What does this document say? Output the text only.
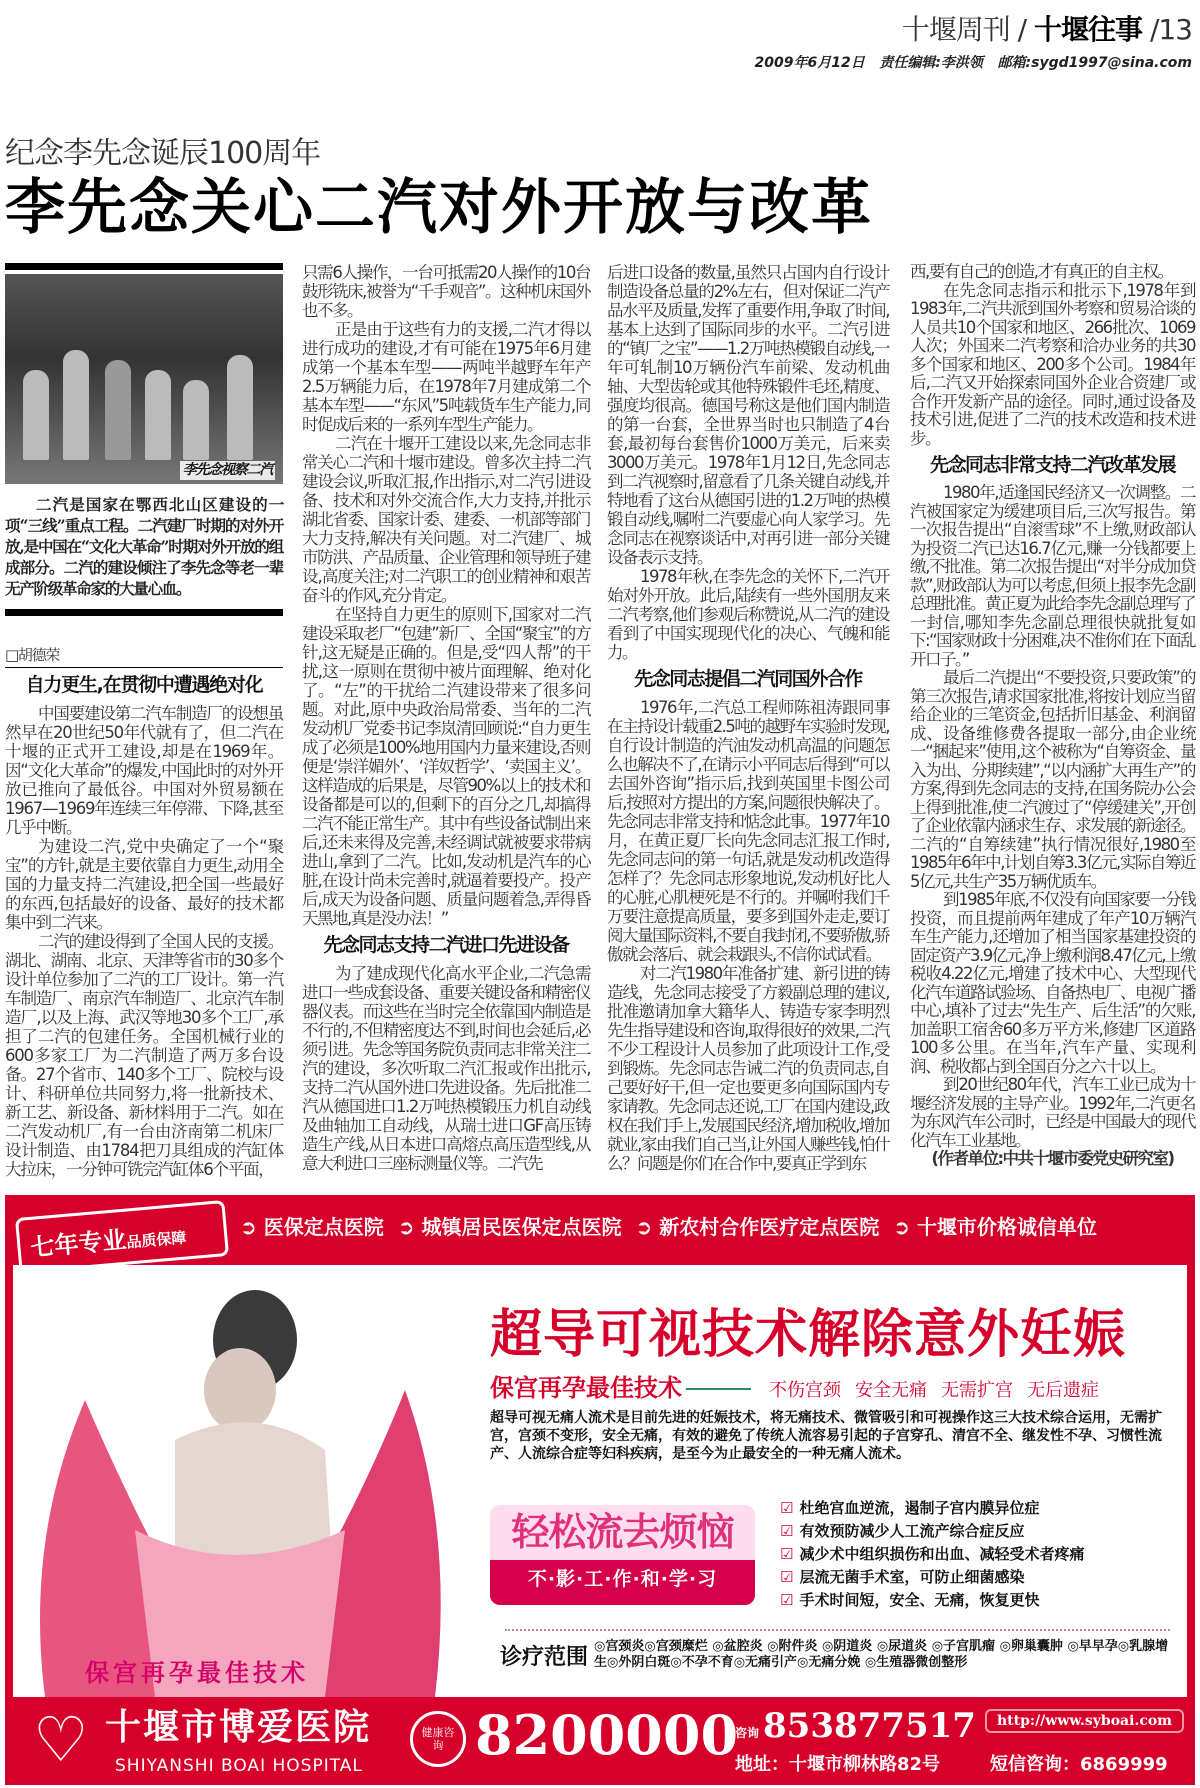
十堰周刊 / 十堰往事 /13
2009年6月12日 责任编辑:李洪领 邮箱:sygd1997@sina.com
纪念李先念诞辰100周年
李先念关心二汽对外开放与改革
李先念视察二汽

二汽是国家在鄂西北山区建设的一项“三线”重点工程。二汽建厂时期的对外开放,是中国在“文化大革命”时期对外开放的组成部分。二汽的建设倾注了李先念等老一辈无产阶级革命家的大量心血。

□胡德荣
自力更生,在贯彻中遭遇绝对化

中国要建设第二汽车制造厂的设想虽然早在20世纪50年代就有了，但二汽在十堰的正式开工建设,却是在1969年。因“文化大革命”的爆发,中国此时的对外开放已推向了最低谷。中国对外贸易额在1967—1969年连续三年停滞、下降,甚至几乎中断。

为建设二汽,党中央确定了一个“聚宝”的方针,就是主要依靠自力更生,动用全国的力量支持二汽建设,把全国一些最好的东西,包括最好的设备、最好的技术都集中到二汽来。

二汽的建设得到了全国人民的支援。湖北、湖南、北京、天津等省市的30多个设计单位参加了二汽的工厂设计。第一汽车制造厂、南京汽车制造厂、北京汽车制造厂,以及上海、武汉等地30多个工厂,承担了二汽的包建任务。全国机械行业的600多家工厂为二汽制造了两万多台设备。27个省市、140多个工厂、院校与设计、科研单位共同努力,将一批新技术、新工艺、新设备、新材料用于二汽。如在二汽发动机厂,有一台由济南第二机床厂设计制造、由1784把刀具组成的汽缸体大拉床，一分钟可铣完汽缸体6个平面，

只需6人操作，一台可抵需20人操作的10台鼓形铣床,被誉为“千手观音”。这种机床国外也不多。

正是由于这些有力的支援,二汽才得以进行成功的建设,才有可能在1975年6月建成第一个基本车型——两吨半越野车年产2.5万辆能力后，在1978年7月建成第二个基本车型——“东风”5吨载货车生产能力,同时促成后来的一系列车型生产能力。

二汽在十堰开工建设以来,先念同志非常关心二汽和十堰市建设。曾多次主持二汽建设会议,听取汇报,作出指示,对二汽引进设备、技术和对外交流合作,大力支持,并批示湖北省委、国家计委、建委、一机部等部门大力支持,解决有关问题。对二汽建厂、城市防洪、产品质量、企业管理和领导班子建设,高度关注;对二汽职工的创业精神和艰苦奋斗的作风,充分肯定。

在坚持自力更生的原则下,国家对二汽建设采取老厂“包建”新厂、全国“聚宝”的方针,这无疑是正确的。但是,受“四人帮”的干扰,这一原则在贯彻中被片面理解、绝对化了。“左”的干扰给二汽建设带来了很多问题。对此,原中央政治局常委、当年的二汽发动机厂党委书记李岚清回顾说:“自力更生成了必须是100%地用国内力量来建设,否则便是‘崇洋媚外’、‘洋奴哲学’、‘卖国主义’。这样造成的后果是，尽管90%以上的技术和设备都是可以的,但剩下的百分之几,却搞得二汽不能正常生产。其中有些设备试制出来后,还未来得及完善,未经调试就被要求带病进山,拿到了二汽。比如,发动机是汽车的心脏,在设计尚未完善时,就逼着要投产。投产后,成天为设备问题、质量问题着急,弄得昏天黑地,真是没办法！”

先念同志支持二汽进口先进设备

为了建成现代化高水平企业,二汽急需进口一些成套设备、重要关键设备和精密仪器仪表。而这些在当时完全依靠国内制造是不行的,不但精密度达不到,时间也会延后,必须引进。先念等国务院负责同志非常关注二汽的建设，多次听取二汽汇报或作出批示,支持二汽从国外进口先进设备。先后批准二汽从德国进口1.2万吨热模锻压力机自动线及曲轴加工自动线，从瑞士进口GF高压铸造生产线,从日本进口高熔点高压造型线,从意大利进口三座标测量仪等。二汽先

后进口设备的数量,虽然只占国内自行设计制造设备总量的2%左右，但对保证二汽产品水平及质量,发挥了重要作用,争取了时间,基本上达到了国际同步的水平。二汽引进的“镇厂之宝”——1.2万吨热模锻自动线,一年可轧制10万辆份汽车前梁、发动机曲轴、大型齿轮或其他特殊锻件毛坯,精度、强度均很高。德国号称这是他们国内制造的第一台套，全世界当时也只制造了4台套,最初每台套售价1000万美元，后来卖3000万美元。1978年1月12日,先念同志到二汽视察时,留意看了几条关键自动线,并特地看了这台从德国引进的1.2万吨的热模锻自动线,嘱咐二汽要虚心向人家学习。先念同志在视察谈话中,对再引进一部分关键设备表示支持。

1978年秋,在李先念的关怀下,二汽开始对外开放。此后,陆续有一些外国朋友来二汽考察,他们参观后称赞说,从二汽的建设看到了中国实现现代化的决心、气魄和能力。

先念同志提倡二汽同国外合作

1976年,二汽总工程师陈祖涛跟同事在主持设计载重2.5吨的越野车实验时发现,自行设计制造的汽油发动机高温的问题怎么也解决不了,在请示小平同志后得到“可以去国外咨询”指示后,找到英国里卡图公司后,按照对方提出的方案,问题很快解决了。先念同志非常支持和惦念此事。1977年10月，在黄正夏厂长向先念同志汇报工作时,先念同志问的第一句话,就是发动机改造得怎样了？先念同志形象地说,发动机好比人的心脏,心肌梗死是不行的。并嘱咐我们千万要注意提高质量，要多到国外走走,要订阅大量国际资料,不要自我封闭,不要骄傲,骄傲就会落后、就会栽跟头,不信你试试看。

对二汽1980年准备扩建、新引进的铸造线，先念同志接受了方毅副总理的建议,批准邀请加拿大籍华人、铸造专家李明烈先生指导建设和咨询,取得很好的效果,二汽不少工程设计人员参加了此项设计工作,受到锻炼。先念同志告诫二汽的负责同志,自己要好好干,但一定也要更多向国际国内专家请教。先念同志还说,工厂在国内建设,政权在我们手上,发展国民经济,增加税收,增加就业,家由我们自己当,让外国人赚些钱,怕什么？问题是你们在合作中,要真正学到东

西,要有自己的创造,才有真正的自主权。

在先念同志指示和批示下,1978年到1983年,二汽共派到国外考察和贸易洽谈的人员共10个国家和地区、266批次、1069人次；外国来二汽考察和洽办业务的共30多个国家和地区、200多个公司。1984年后,二汽又开始探索同国外企业合资建厂或合作开发新产品的途径。同时,通过设备及技术引进,促进了二汽的技术改造和技术进步。

先念同志非常支持二汽改革发展

1980年,适逢国民经济又一次调整。二汽被国家定为缓建项目后,三次写报告。第一次报告提出“自滚雪球”不上缴,财政部认为投资二汽已达16.7亿元,赚一分钱都要上缴,不批准。第二次报告提出“对半分成加贷款”,财政部认为可以考虑,但须上报李先念副总理批准。黄正夏为此给李先念副总理写了一封信,哪知李先念副总理很快就批复如下:“国家财政十分困难,决不准你们在下面乱开口子。”

最后二汽提出“不要投资,只要政策”的第三次报告,请求国家批准,将按计划应当留给企业的三笔资金,包括折旧基金、利润留成、设备维修费各提取一部分,由企业统一“捆起来”使用,这个被称为“自筹资金、量入为出、分期续建”,“以内涵扩大再生产”的方案,得到先念同志的支持,在国务院办公会上得到批准,使二汽渡过了“停缓建关”,开创了企业依靠内涵求生存、求发展的新途径。二汽的“自筹续建”执行情况很好,1980至1985年6年中,计划自筹3.3亿元,实际自筹近5亿元,共生产35万辆优质车。

到1985年底,不仅没有向国家要一分钱投资，而且提前两年建成了年产10万辆汽车生产能力,还增加了相当国家基建投资的固定资产3.9亿元,净上缴利润8.47亿元,上缴税收4.22亿元,增建了技术中心、大型现代化汽车道路试验场、自备热电厂、电视广播中心,填补了过去“先生产、后生活”的欠账,加盖职工宿舍60多万平方米,修建厂区道路100多公里。在当年,汽车产量、实现利润、税收都占到全国百分之六十以上。

到20世纪80年代，汽车工业已成为十堰经济发展的主导产业。1992年,二汽更名为东风汽车公司时，已经是中国最大的现代化汽车工业基地。

(作者单位:中共十堰市委党史研究室)

七年专业品质保障
➲ 医保定点医院 ➲ 城镇居民医保定点医院 ➲ 新农村合作医疗定点医院 ➲ 十堰市价格诚信单位
保宫再孕最佳技术
超导可视技术解除意外妊娠
保宫再孕最佳技术	不伤宫颈 安全无痛 无需扩宫 无后遗症
超导可视无痛人流术是目前先进的妊娠技术，将无痛技术、微管吸引和可视操作这三大技术综合运用，无需扩宫，宫颈不变形，安全无痛，有效的避免了传统人流容易引起的子宫穿孔、清宫不全、继发性不孕、习惯性流产、人流综合症等妇科疾病，是至今为止最安全的一种无痛人流术。
轻松流去烦恼
不·影·工·作·和·学·习
☑ 杜绝宫血逆流，遏制子宫内膜异位症
☑ 有效预防减少人工流产综合症反应
☑ 减少术中组织损伤和出血、减轻受术者疼痛
☑ 层流无菌手术室，可防止细菌感染
☑ 手术时间短，安全、无痛，恢复更快
诊疗范围 ◎宫颈炎◎宫颈糜烂 ◎盆腔炎 ◎附件炎 ◎阴道炎 ◎尿道炎 ◎子宫肌瘤 ◎卵巢囊肿 ◎早早孕◎乳腺增生◎外阴白斑◎不孕不育◎无痛引产◎无痛分娩 ◎生殖器微创整形
♡ 十堰市博爱医院
SHIYANSHI BOAI HOSPITAL
健康咨询 8200000
咨询 853877517
地址：十堰市柳林路82号
http://www.syboai.com
短信咨询：6869999
